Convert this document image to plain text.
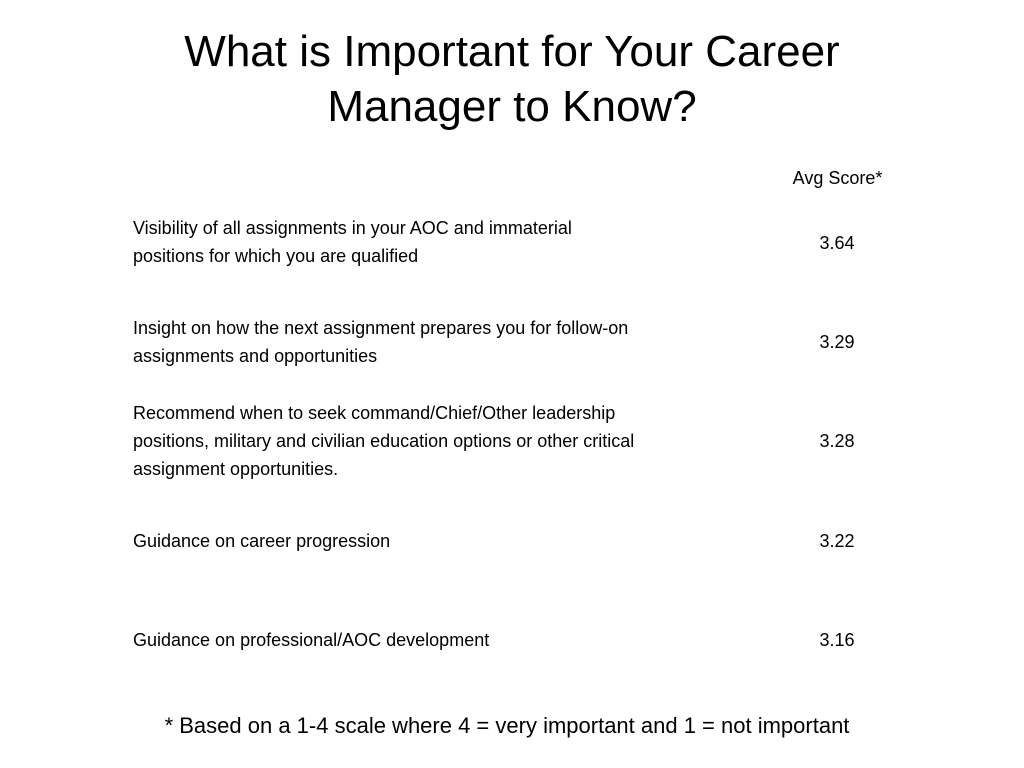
What is Important for Your Career
Manager to Know?
Avg Score*
Visibility of all assignments in your AOC and immaterial
positions for which you are qualified
3.64
Insight on how the next assignment prepares you for follow-on
assignments and opportunities
3.29
Recommend when to seek command/Chief/Other leadership
positions, military and civilian education options or other critical
assignment opportunities.
3.28
Guidance on career progression	3.22
Guidance on professional/AOC development	3.16
* Based on a 1-4 scale where 4 = very important and 1 = not important
